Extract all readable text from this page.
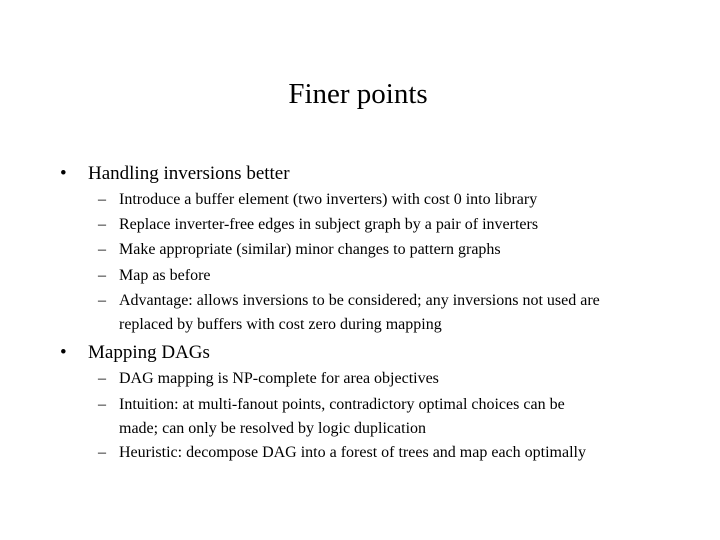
Finer points
• Handling inversions better
– Introduce a buffer element (two inverters) with cost 0 into library
– Replace inverter-free edges in subject graph by a pair of inverters
– Make appropriate (similar) minor changes to pattern graphs
– Map as before
– Advantage: allows inversions to be considered; any inversions not used are
replaced by buffers with cost zero during mapping
• Mapping DAGs
– DAG mapping is NP-complete for area objectives
– Intuition: at multi-fanout points, contradictory optimal choices can be
made; can only be resolved by logic duplication
– Heuristic: decompose DAG into a forest of trees and map each optimally
